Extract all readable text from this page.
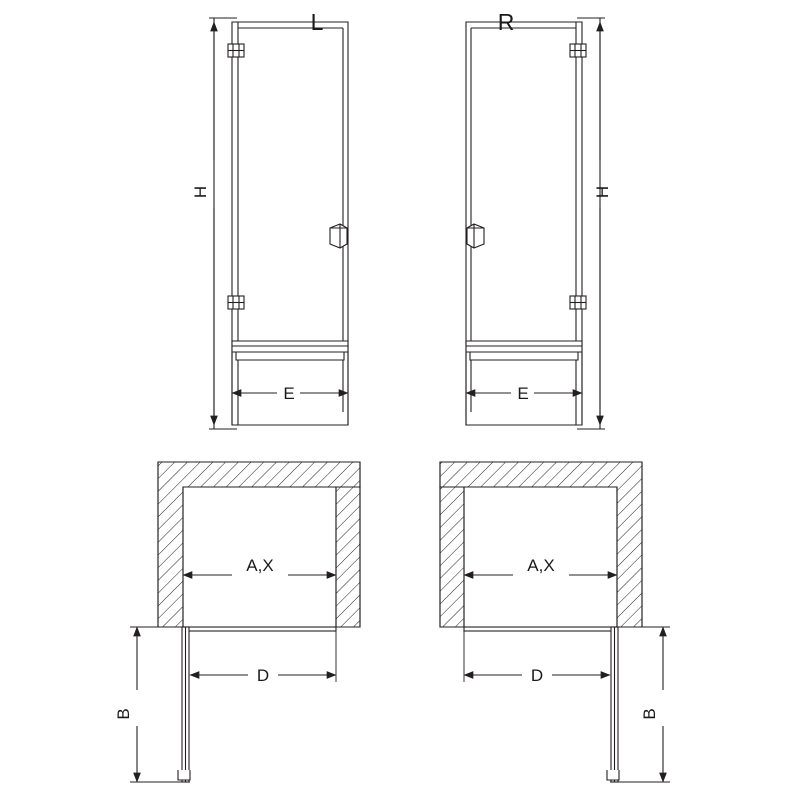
L	R
H	H
E	E
A,X	A,X
D	D
B	B
